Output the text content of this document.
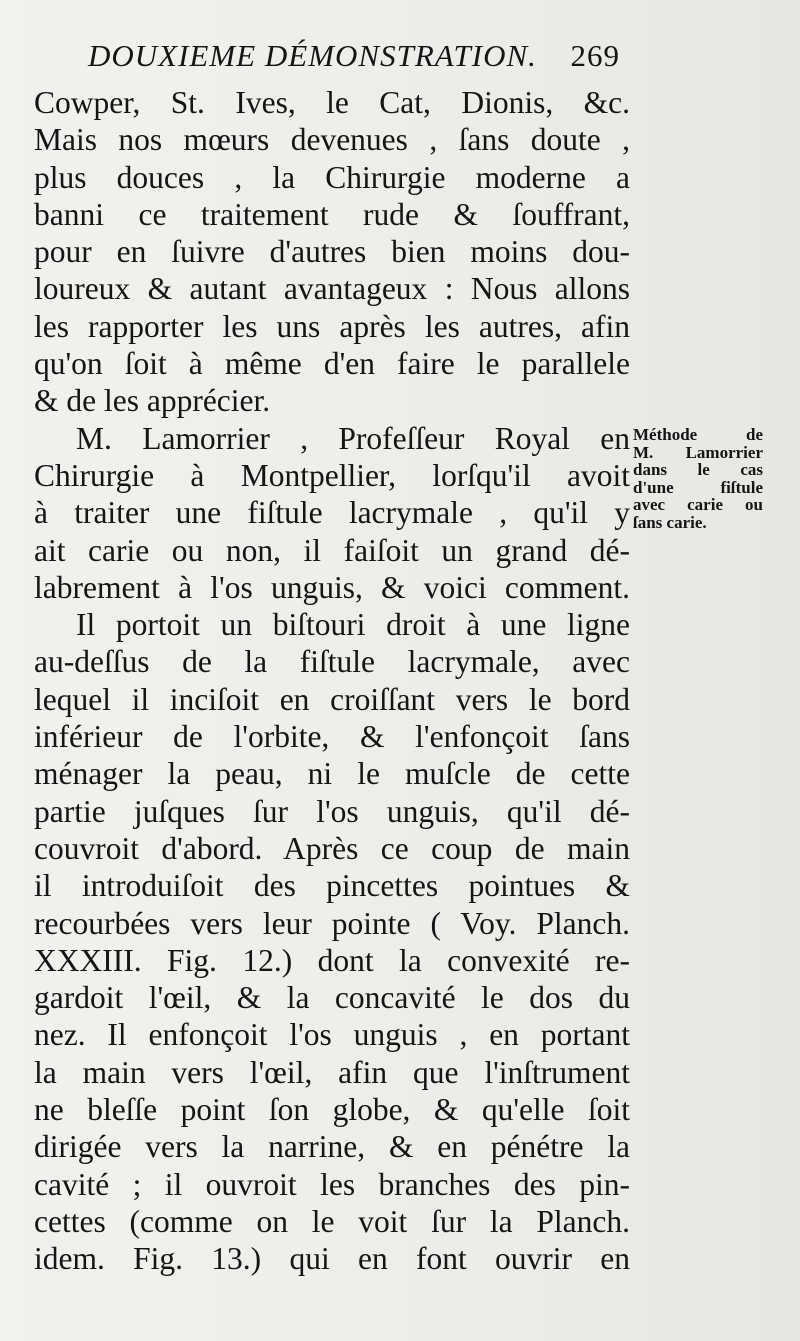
DOUXIEME DÉMONSTRATION. 269
Cowper, St. Ives, le Cat, Dionis, &c.
Mais nos mœurs devenues , ſans doute ,
plus douces , la Chirurgie moderne a
banni ce traitement rude & ſouffrant,
pour en ſuivre d'autres bien moins dou-
loureux & autant avantageux : Nous allons
les rapporter les uns après les autres, afin
qu'on ſoit à même d'en faire le parallele
& de les apprécier.
M. Lamorrier , Profeſſeur Royal en
Chirurgie à Montpellier, lorſqu'il avoit
à traiter une fiſtule lacrymale , qu'il y
ait carie ou non, il faiſoit un grand dé-
labrement à l'os unguis, & voici comment.
Il portoit un biſtouri droit à une ligne
au-deſſus de la fiſtule lacrymale, avec
lequel il inciſoit en croiſſant vers le bord
inférieur de l'orbite, & l'enfonçoit ſans
ménager la peau, ni le muſcle de cette
partie juſques ſur l'os unguis, qu'il dé-
couvroit d'abord. Après ce coup de main
il introduiſoit des pincettes pointues &
recourbées vers leur pointe ( Voy. Planch.
XXXIII. Fig. 12.) dont la convexité re-
gardoit l'œil, & la concavité le dos du
nez. Il enfonçoit l'os unguis , en portant
la main vers l'œil, afin que l'inſtrument
ne bleſſe point ſon globe, & qu'elle ſoit
dirigée vers la narrine, & en pénétre la
cavité ; il ouvroit les branches des pin-
cettes (comme on le voit ſur la Planch.
idem. Fig. 13.) qui en font ouvrir en
Méthode de
M. Lamorrier
dans le cas
d'une fiſtule
avec carie ou
ſans carie.
